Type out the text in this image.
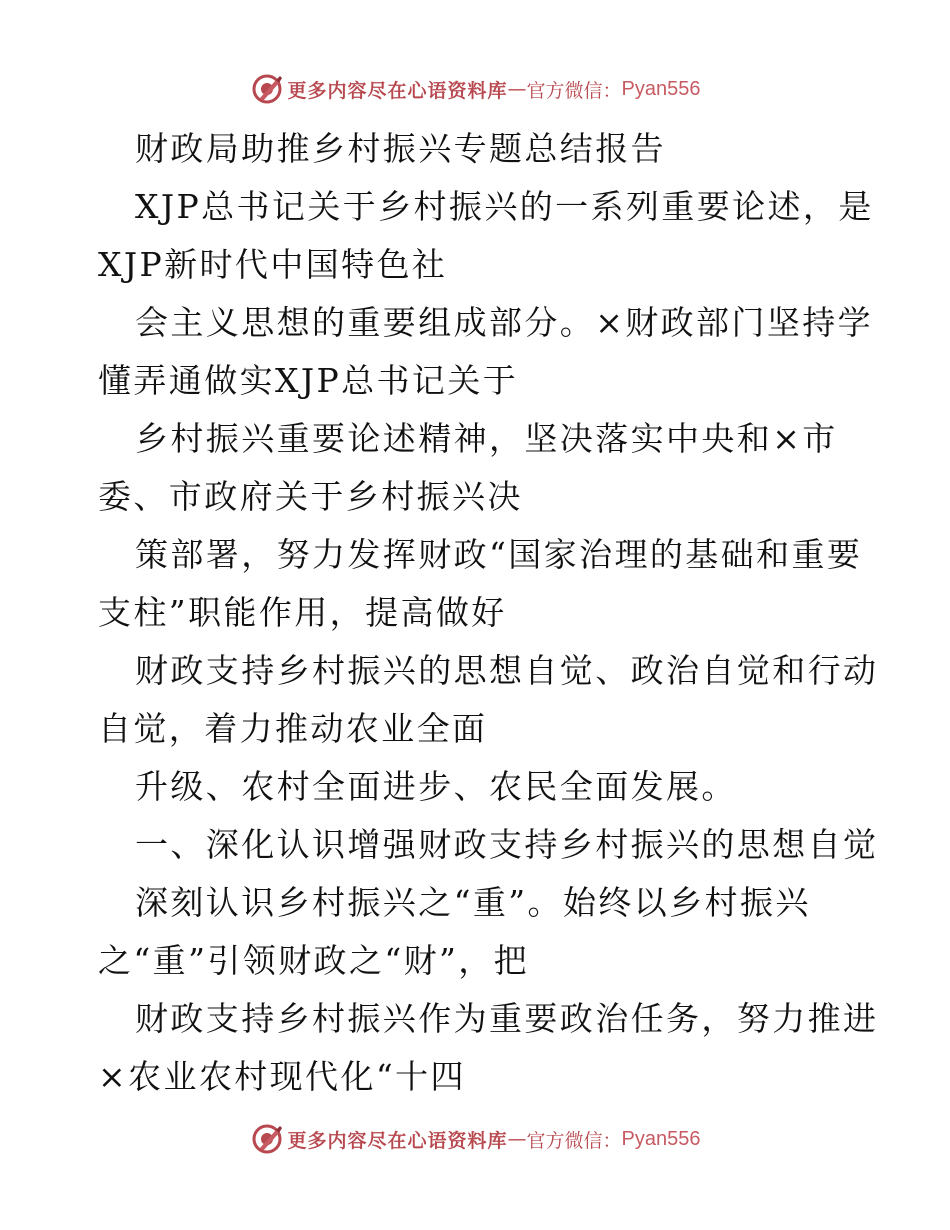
更多内容尽在心语资料库 — 官方微信： Pyan556
财政局助推乡村振兴专题总结报告
XJP总书记关于乡村振兴的一系列重要论述，是
XJP新时代中国特色社
会主义思想的重要组成部分。×财政部门坚持学
懂弄通做实XJP总书记关于
乡村振兴重要论述精神，坚决落实中央和×市
委、市政府关于乡村振兴决
策部署，努力发挥财政“国家治理的基础和重要
支柱”职能作用，提高做好
财政支持乡村振兴的思想自觉、政治自觉和行动
自觉，着力推动农业全面
升级、农村全面进步、农民全面发展。
一、深化认识增强财政支持乡村振兴的思想自觉
深刻认识乡村振兴之“重”。始终以乡村振兴
之“重”引领财政之“财”，把
财政支持乡村振兴作为重要政治任务，努力推进
×农业农村现代化“十四
更多内容尽在心语资料库 — 官方微信： Pyan556
